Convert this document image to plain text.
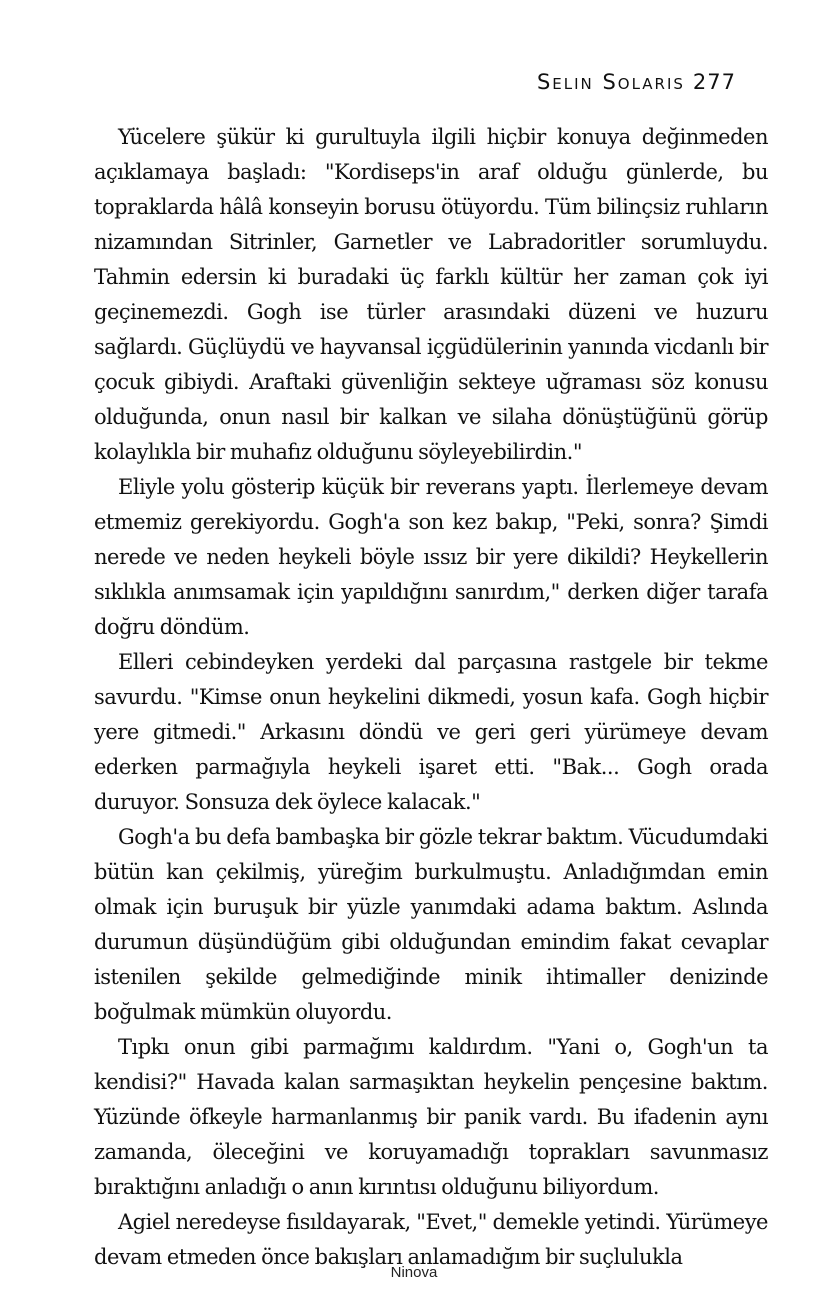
Selin Solaris 277

Yücelere şükür ki gurultuyla ilgili hiçbir konuya değinmeden açıklamaya başladı: "Kordiseps'in araf olduğu günlerde, bu topraklarda hâlâ konseyin borusu ötüyordu. Tüm bilinçsiz ruhların nizamından Sitrinler, Garnetler ve Labradoritler sorumluydu. Tahmin edersin ki buradaki üç farklı kültür her zaman çok iyi geçinemezdi. Gogh ise türler arasındaki düzeni ve huzuru sağlardı. Güçlüydü ve hayvansal içgüdülerinin yanında vicdanlı bir çocuk gibiydi. Araftaki güvenliğin sekteye uğraması söz konusu olduğunda, onun nasıl bir kalkan ve silaha dönüştüğünü görüp kolaylıkla bir muhafız olduğunu söyleyebilirdin."

Eliyle yolu gösterip küçük bir reverans yaptı. İlerlemeye devam etmemiz gerekiyordu. Gogh'a son kez bakıp, "Peki, sonra? Şimdi nerede ve neden heykeli böyle ıssız bir yere dikildi? Heykellerin sıklıkla anımsamak için yapıldığını sanırdım," derken diğer tarafa doğru döndüm.

Elleri cebindeyken yerdeki dal parçasına rastgele bir tekme savurdu. "Kimse onun heykelini dikmedi, yosun kafa. Gogh hiçbir yere gitmedi." Arkasını döndü ve geri geri yürümeye devam ederken parmağıyla heykeli işaret etti. "Bak... Gogh orada duruyor. Sonsuza dek öylece kalacak."

Gogh'a bu defa bambaşka bir gözle tekrar baktım. Vücudumdaki bütün kan çekilmiş, yüreğim burkulmuştu. Anladığımdan emin olmak için buruşuk bir yüzle yanımdaki adama baktım. Aslında durumun düşündüğüm gibi olduğundan emindim fakat cevaplar istenilen şekilde gelmediğinde minik ihtimaller denizinde boğulmak mümkün oluyordu.

Tıpkı onun gibi parmağımı kaldırdım. "Yani o, Gogh'un ta kendisi?" Havada kalan sarmaşıktan heykelin pençesine baktım. Yüzünde öfkeyle harmanlanmış bir panik vardı. Bu ifadenin aynı zamanda, öleceğini ve koruyamadığı toprakları savunmasız bıraktığını anladığı o anın kırıntısı olduğunu biliyordum.

Agiel neredeyse fısıldayarak, "Evet," demekle yetindi. Yürümeye devam etmeden önce bakışları anlamadığım bir suçlulukla

Ninova
